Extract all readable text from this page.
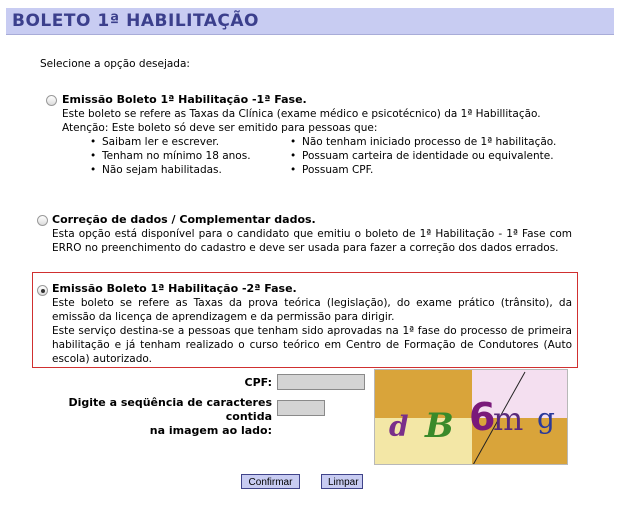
BOLETO 1ª HABILITAÇÃO
Selecione a opção desejada:
Emissão Boleto 1ª Habilitação -1ª Fase.
Este boleto se refere as Taxas da Clínica (exame médico e psicotécnico) da 1ª Habillitação.
Atenção: Este boleto só deve ser emitido para pessoas que:
• Saibam ler e escrever.
• Tenham no mínimo 18 anos.
• Não sejam habilitadas.
• Não tenham iniciado processo de 1ª habilitação.
• Possuam carteira de identidade ou equivalente.
• Possuam CPF.
Correção de dados / Complementar dados.
Esta opção está disponível para o candidato que emitiu o boleto de 1ª Habilitação - 1ª Fase com ERRO no preenchimento do cadastro e deve ser usada para fazer a correção dos dados errados.
Emissão Boleto 1ª Habilitação -2ª Fase.
Este boleto se refere as Taxas da prova teórica (legislação), do exame prático (trânsito), da emissão da licença de aprendizagem e da permissão para dirigir.
Este serviço destina-se a pessoas que tenham sido aprovadas na 1ª fase do processo de primeira habilitação e já tenham realizado o curso teórico em Centro de Formação de Condutores (Auto escola) autorizado.
CPF:
Digite a seqüência de caracteres contida
na imagem ao lado:	d B 6
m g
Confirmar	Limpar
